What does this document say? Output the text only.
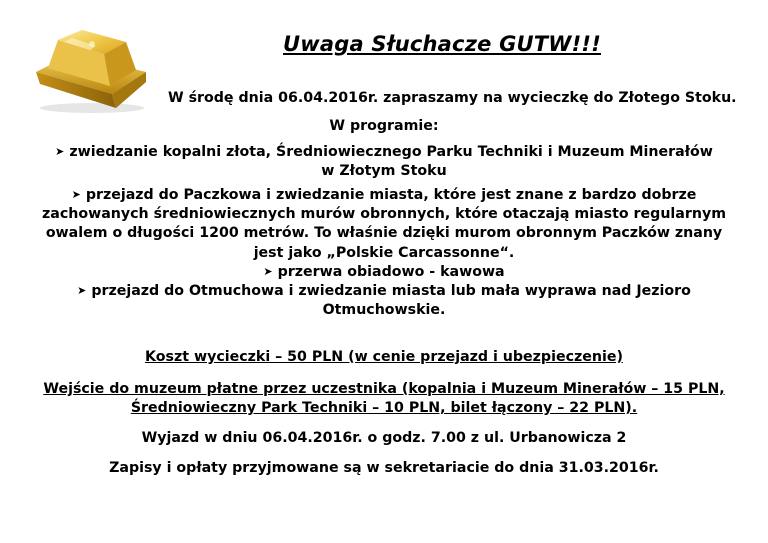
Uwaga Słuchacze GUTW!!!
W środę dnia 06.04.2016r. zapraszamy na wycieczkę do Złotego Stoku.
W programie:
➤ zwiedzanie kopalni złota, Średniowiecznego Parku Techniki i Muzeum Minerałów
w Złotym Stoku
➤ przejazd do Paczkowa i zwiedzanie miasta, które jest znane z bardzo dobrze
zachowanych średniowiecznych murów obronnych, które otaczają miasto regularnym
owalem o długości 1200 metrów. To właśnie dzięki murom obronnym Paczków znany
jest jako „Polskie Carcassonne“.
➤ przerwa obiadowo - kawowa
➤ przejazd do Otmuchowa i zwiedzanie miasta lub mała wyprawa nad Jezioro
Otmuchowskie.
Koszt wycieczki – 50 PLN (w cenie przejazd i ubezpieczenie)
Wejście do muzeum płatne przez uczestnika (kopalnia i Muzeum Minerałów – 15 PLN,
Średniowieczny Park Techniki – 10 PLN, bilet łączony – 22 PLN).
Wyjazd w dniu 06.04.2016r. o godz. 7.00 z ul. Urbanowicza 2
Zapisy i opłaty przyjmowane są w sekretariacie do dnia 31.03.2016r.
